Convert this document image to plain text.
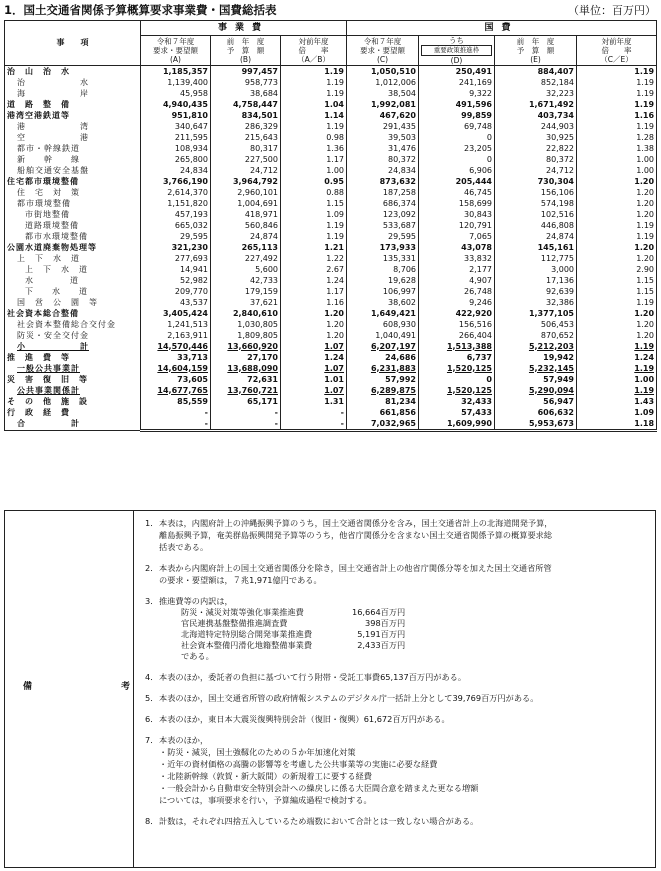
1．国土交通省関係予算概算要求事業費・国費総括表	（単位：百万円）
事　　項	事業費			国費			

	令和７年度
要求・要望額
(A)	前　年　度
予　算　額
(B)	対前年度
倍　　率
（A／B）	令和７年度
要求・要望額
(C)	うち
重要政策推進枠
(D)	前　年　度
予　算　額
(E)	対前年度
倍　　率
（C／E）

治　山　治　水	1,185,357	997,457	1.19	1,050,510	250,491	884,407	1.19
治　　　　　　水	1,139,400	958,773	1.19	1,012,006	241,169	852,184	1.19
海　　　　　　岸	45,958	38,684	1.19	38,504	9,322	32,223	1.19
道　路　整　備	4,940,435	4,758,447	1.04	1,992,081	491,596	1,671,492	1.19
港湾空港鉄道等	951,810	834,501	1.14	467,620	99,859	403,734	1.16
港　　　　　　湾	340,647	286,329	1.19	291,435	69,748	244,903	1.19
空　　　　　　港	211,595	215,643	0.98	39,503	0	30,925	1.28
都市・幹線鉄道	108,934	80,317	1.36	31,476	23,205	22,822	1.38
新　　幹　　線	265,800	227,500	1.17	80,372	0	80,372	1.00
船舶交通安全基盤	24,834	24,712	1.00	24,834	6,906	24,712	1.00
住宅都市環境整備	3,766,190	3,964,792	0.95	873,632	205,444	730,304	1.20
住　宅　対　策	2,614,370	2,960,101	0.88	187,258	46,745	156,106	1.20
都市環境整備	1,151,820	1,004,691	1.15	686,374	158,699	574,198	1.20
市街地整備	457,193	418,971	1.09	123,092	30,843	102,516	1.20
道路環境整備	665,032	560,846	1.19	533,687	120,791	446,808	1.19
都市水環境整備	29,595	24,874	1.19	29,595	7,065	24,874	1.19
公園水道廃棄物処理等	321,230	265,113	1.21	173,933	43,078	145,161	1.20
上　下　水　道	277,693	227,492	1.22	135,331	33,832	112,775	1.20
上　下　水　道	14,941	5,600	2.67	8,706	2,177	3,000	2.90
水　　　　道	52,982	42,733	1.24	19,628	4,907	17,136	1.15
下　　水　　道	209,770	179,159	1.17	106,997	26,748	92,639	1.15
国　営　公　園　等	43,537	37,621	1.16	38,602	9,246	32,386	1.19
社会資本総合整備	3,405,424	2,840,610	1.20	1,649,421	422,920	1,377,105	1.20
社会資本整備総合交付金	1,241,513	1,030,805	1.20	608,930	156,516	506,453	1.20
防災・安全交付金	2,163,911	1,809,805	1.20	1,040,491	266,404	870,652	1.20
小　　　　　　計	14,570,446	13,660,920	1.07	6,207,197	1,513,388	5,212,203	1.19
推　進　費　等	33,713	27,170	1.24	24,686	6,737	19,942	1.24
一般公共事業計	14,604,159	13,688,090	1.07	6,231,883	1,520,125	5,232,145	1.19
災　害　復　旧　等	73,605	72,631	1.01	57,992	0	57,949	1.00
公共事業関係計	14,677,765	13,760,721	1.07	6,289,875	1,520,125	5,290,094	1.19
そ　の　他　施　設	85,559	65,171	1.31	81,234	32,433	56,947	1.43
行　政　経　費	-	-	-	661,856	57,433	606,632	1.09
合　　　　　計	-	-	-	7,032,965	1,609,990	5,953,673	1.18
備	考
1．本表は，内閣府計上の沖縄振興予算のうち，国土交通省関係分を含み，国土交通省計上の北海道開発予算，
離島振興予算，奄美群島振興開発予算等のうち，他省庁関係分を含まない国土交通省関係予算の概算要求総
括表である。
2．本表から内閣府計上の国土交通省関係分を除き，国土交通省計上の他省庁関係分等を加えた国土交通省所管
の要求・要望額は，７兆1,971億円である。
3．推進費等の内訳は，
防災・減災対策等強化事業推進費	16,664百万円
官民連携基盤整備推進調査費	398百万円
北海道特定特別総合開発事業推進費	5,191百万円
社会資本整備円滑化地籍整備事業費	2,433百万円
である。	
4．本表のほか，委託者の負担に基づいて行う附帯・受託工事費65,137百万円がある。
5．本表のほか，国土交通省所管の政府情報システムのデジタル庁一括計上分として39,769百万円がある。
6．本表のほか，東日本大震災復興特別会計（復旧・復興）61,672百万円がある。
7．本表のほか，
・防災・減災，国土強靱化のための５か年加速化対策
・近年の資材価格の高騰の影響等を考慮した公共事業等の実施に必要な経費
・北陸新幹線（敦賀・新大阪間）の新規着工に要する経費
・一般会計から自動車安全特別会計への繰戻しに係る大臣間合意を踏まえた更なる増額
については，事項要求を行い，予算編成過程で検討する。
8．計数は，それぞれ四捨五入しているため端数において合計とは一致しない場合がある。
